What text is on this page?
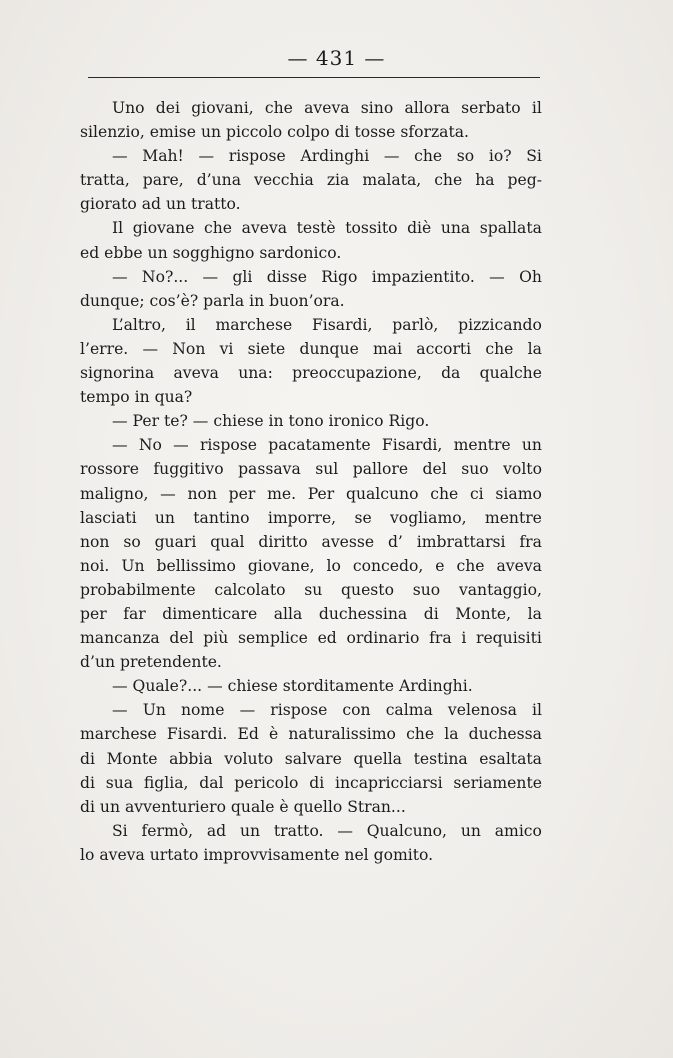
— 431 —
Uno dei giovani, che aveva sino allora serbato il
silenzio, emise un piccolo colpo di tosse sforzata.
— Mah! — rispose Ardinghi — che so io? Si
tratta, pare, d’una vecchia zia malata, che ha peg-
giorato ad un tratto.
Il giovane che aveva testè tossito diè una spallata
ed ebbe un sogghigno sardonico.
— No?... — gli disse Rigo impazientito. — Oh
dunque; cos’è? parla in buon’ora.
L’altro, il marchese Fisardi, parlò, pizzicando
l’erre. — Non vi siete dunque mai accorti che la
signorina aveva una: preoccupazione, da qualche
tempo in qua?
— Per te? — chiese in tono ironico Rigo.
— No — rispose pacatamente Fisardi, mentre un
rossore fuggitivo passava sul pallore del suo volto
maligno, — non per me. Per qualcuno che ci siamo
lasciati un tantino imporre, se vogliamo, mentre
non so guari qual diritto avesse d’ imbrattarsi fra
noi. Un bellissimo giovane, lo concedo, e che aveva
probabilmente calcolato su questo suo vantaggio,
per far dimenticare alla duchessina di Monte, la
mancanza del più semplice ed ordinario fra i requisiti
d’un pretendente.
— Quale?... — chiese storditamente Ardinghi.
— Un nome — rispose con calma velenosa il
marchese Fisardi. Ed è naturalissimo che la duchessa
di Monte abbia voluto salvare quella testina esaltata
di sua figlia, dal pericolo di incapricciarsi seriamente
di un avventuriero quale è quello Stran...
Si fermò, ad un tratto. — Qualcuno, un amico
lo aveva urtato improvvisamente nel gomito.
